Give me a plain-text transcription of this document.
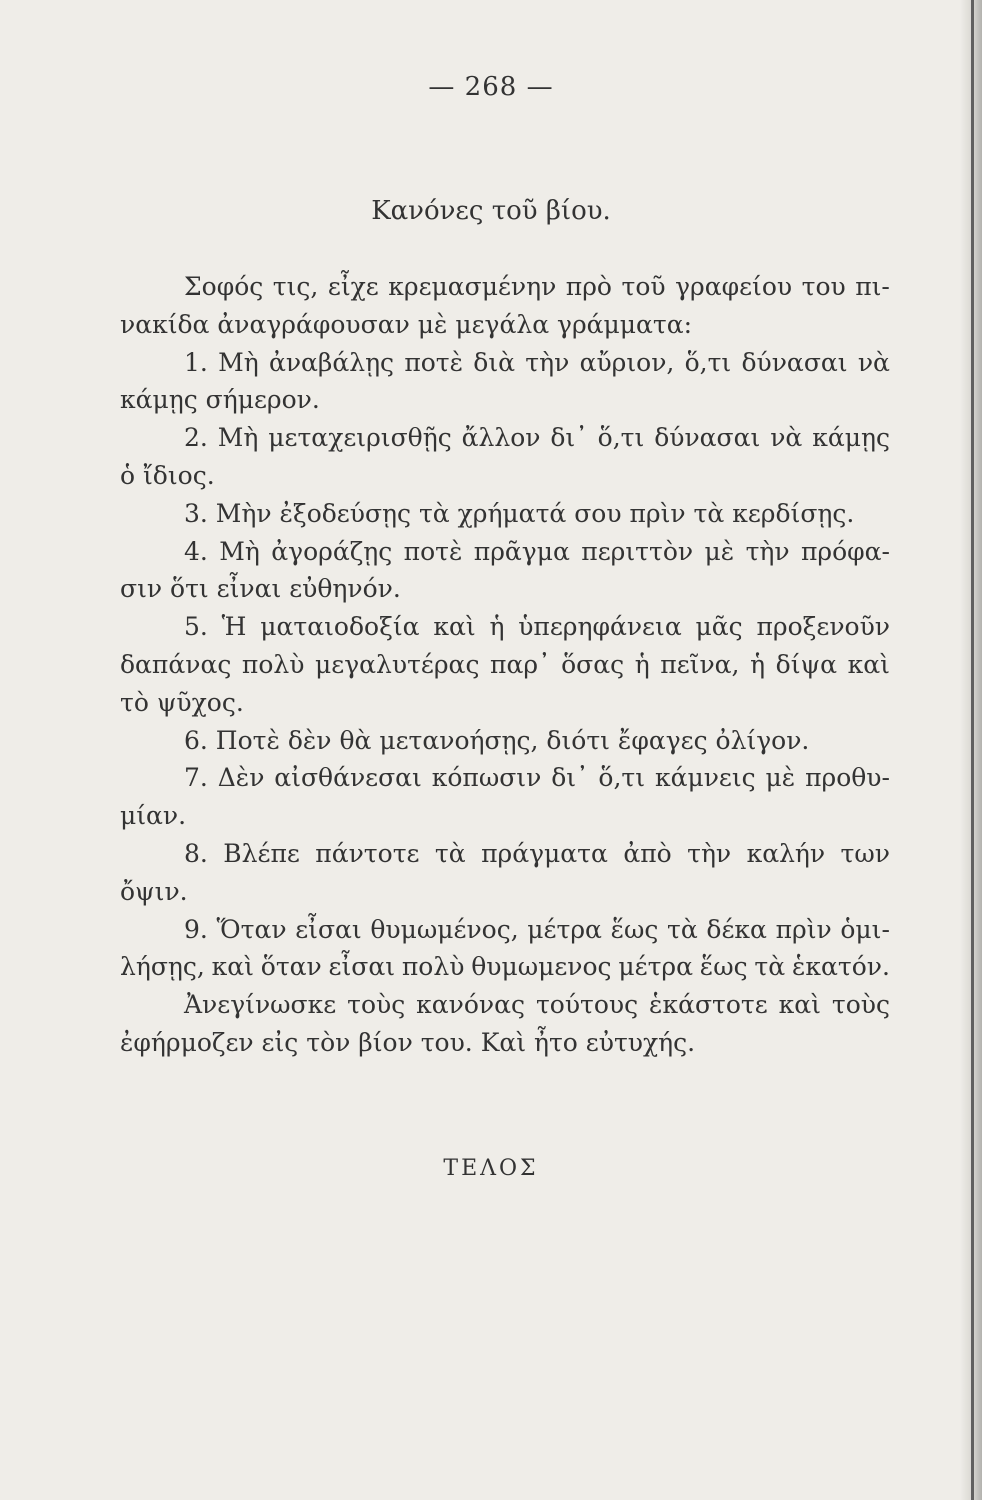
— 268 —
Κανόνες τοῦ βίου.
Σοφός τις, εἶχε κρεμασμένην πρὸ τοῦ γραφείου του πι-
νακίδα ἀναγράφουσαν μὲ μεγάλα γράμματα:
1. Μὴ ἀναβάλῃς ποτὲ διὰ τὴν αὔριον, ὅ,τι δύνασαι νὰ
κάμῃς σήμερον.
2. Μὴ μεταχειρισθῇς ἄλλον δι᾽ ὅ,τι δύνασαι νὰ κάμῃς
ὁ ἴδιος.
3. Μὴν ἐξοδεύσῃς τὰ χρήματά σου πρὶν τὰ κερδίσῃς.
4. Μὴ ἀγοράζῃς ποτὲ πρᾶγμα περιττὸν μὲ τὴν πρόφα-
σιν ὅτι εἶναι εὐθηνόν.
5. Ἡ ματαιοδοξία καὶ ἡ ὑπερηφάνεια μᾶς προξενοῦν
δαπάνας πολὺ μεγαλυτέρας παρ᾽ ὅσας ἡ πεῖνα, ἡ δίψα καὶ
τὸ ψῦχος.
6. Ποτὲ δὲν θὰ μετανοήσῃς, διότι ἔφαγες ὀλίγον.
7. Δὲν αἰσθάνεσαι κόπωσιν δι᾽ ὅ,τι κάμνεις μὲ προθυ-
μίαν.
8. Βλέπε πάντοτε τὰ πράγματα ἀπὸ τὴν καλήν των
ὄψιν.
9. Ὅταν εἶσαι θυμωμένος, μέτρα ἕως τὰ δέκα πρὶν ὁμι-
λήσῃς, καὶ ὅταν εἶσαι πολὺ θυμωμενος μέτρα ἕως τὰ ἑκατόν.
Ἀνεγίνωσκε τοὺς κανόνας τούτους ἑκάστοτε καὶ τοὺς
ἐφήρμοζεν εἰς τὸν βίον του. Καὶ ἦτο εὐτυχής.
ΤΕΛΟΣ
